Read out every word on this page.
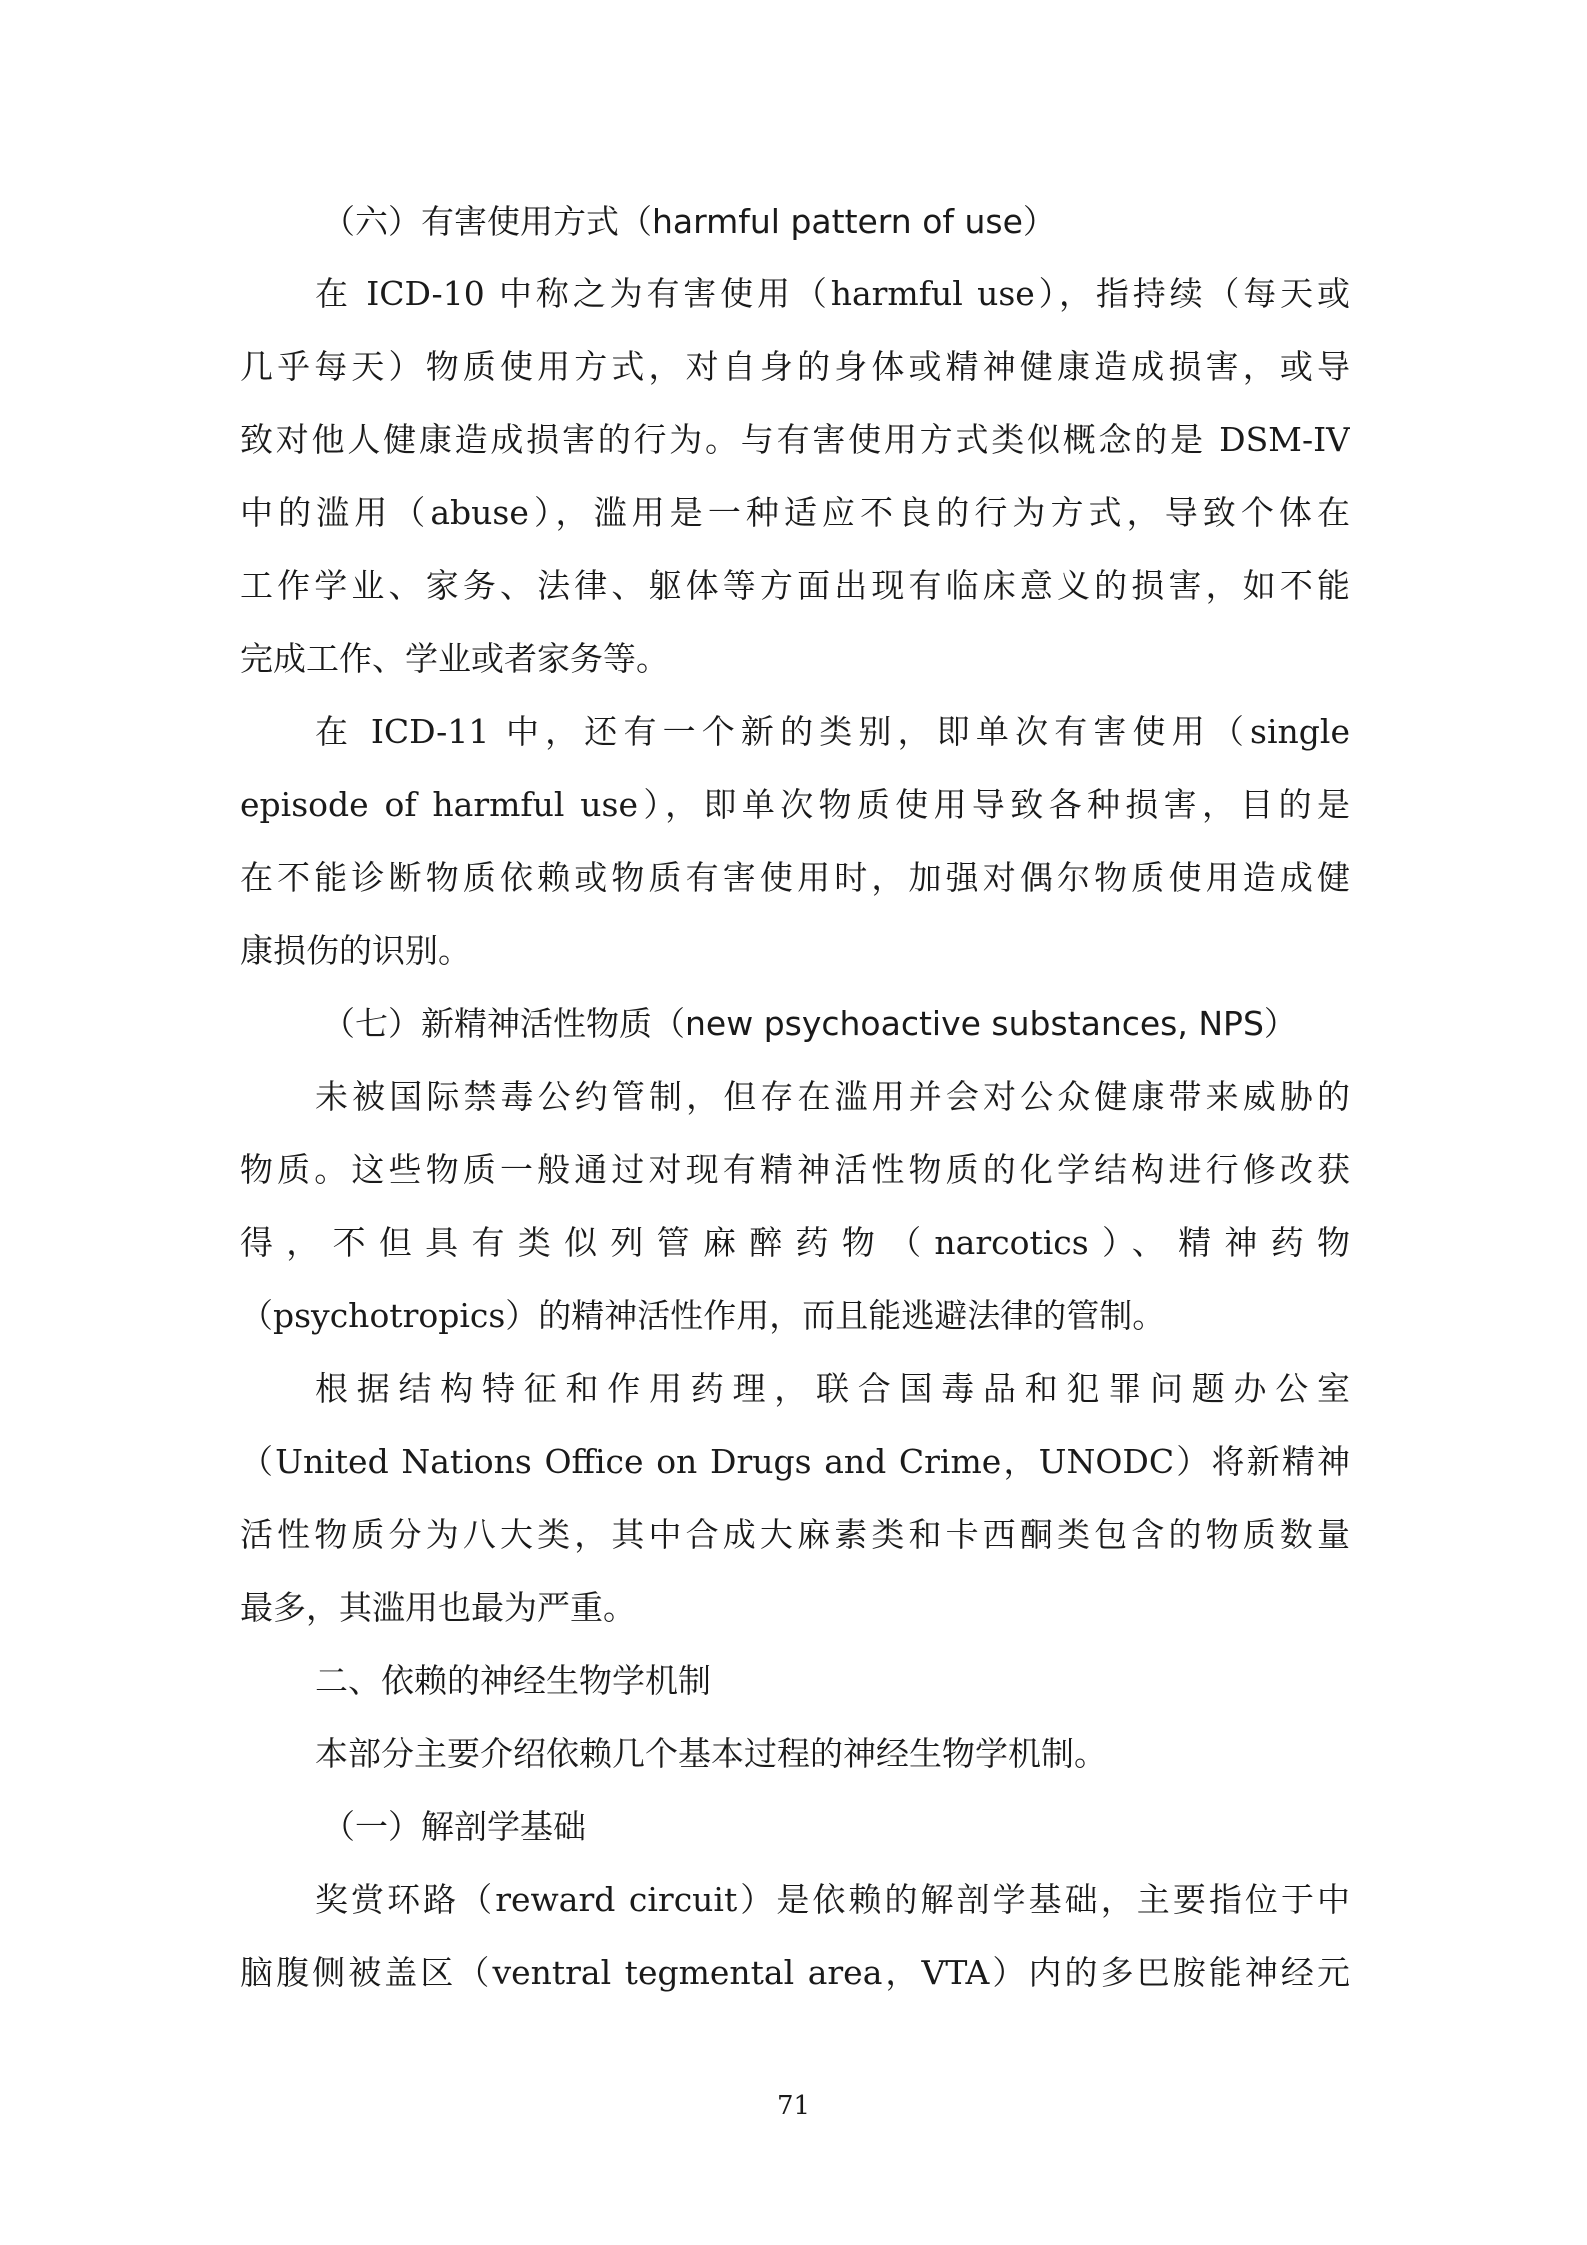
（六）有害使用方式（harmful pattern of use）

在 ICD-10 中称之为有害使用（harmful use），指持续（每天或

几乎每天）物质使用方式，对自身的身体或精神健康造成损害，或导

致对他人健康造成损害的行为。与有害使用方式类似概念的是 DSM-IV

中的滥用（abuse），滥用是一种适应不良的行为方式，导致个体在

工作学业、家务、法律、躯体等方面出现有临床意义的损害，如不能

完成工作、学业或者家务等。

在 ICD-11 中，还有一个新的类别，即单次有害使用（single

episode of harmful use），即单次物质使用导致各种损害，目的是

在不能诊断物质依赖或物质有害使用时，加强对偶尔物质使用造成健

康损伤的识别。

（七）新精神活性物质（new psychoactive substances, NPS）

未被国际禁毒公约管制，但存在滥用并会对公众健康带来威胁的

物质。这些物质一般通过对现有精神活性物质的化学结构进行修改获

得，不但具有类似列管麻醉药物（narcotics）、精神药物

（psychotropics）的精神活性作用，而且能逃避法律的管制。

根据结构特征和作用药理，联合国毒品和犯罪问题办公室

（United Nations Office on Drugs and Crime，UNODC）将新精神

活性物质分为八大类，其中合成大麻素类和卡西酮类包含的物质数量

最多，其滥用也最为严重。

二、依赖的神经生物学机制

本部分主要介绍依赖几个基本过程的神经生物学机制。

（一）解剖学基础

奖赏环路（reward circuit）是依赖的解剖学基础，主要指位于中

脑腹侧被盖区（ventral tegmental area，VTA）内的多巴胺能神经元

71
